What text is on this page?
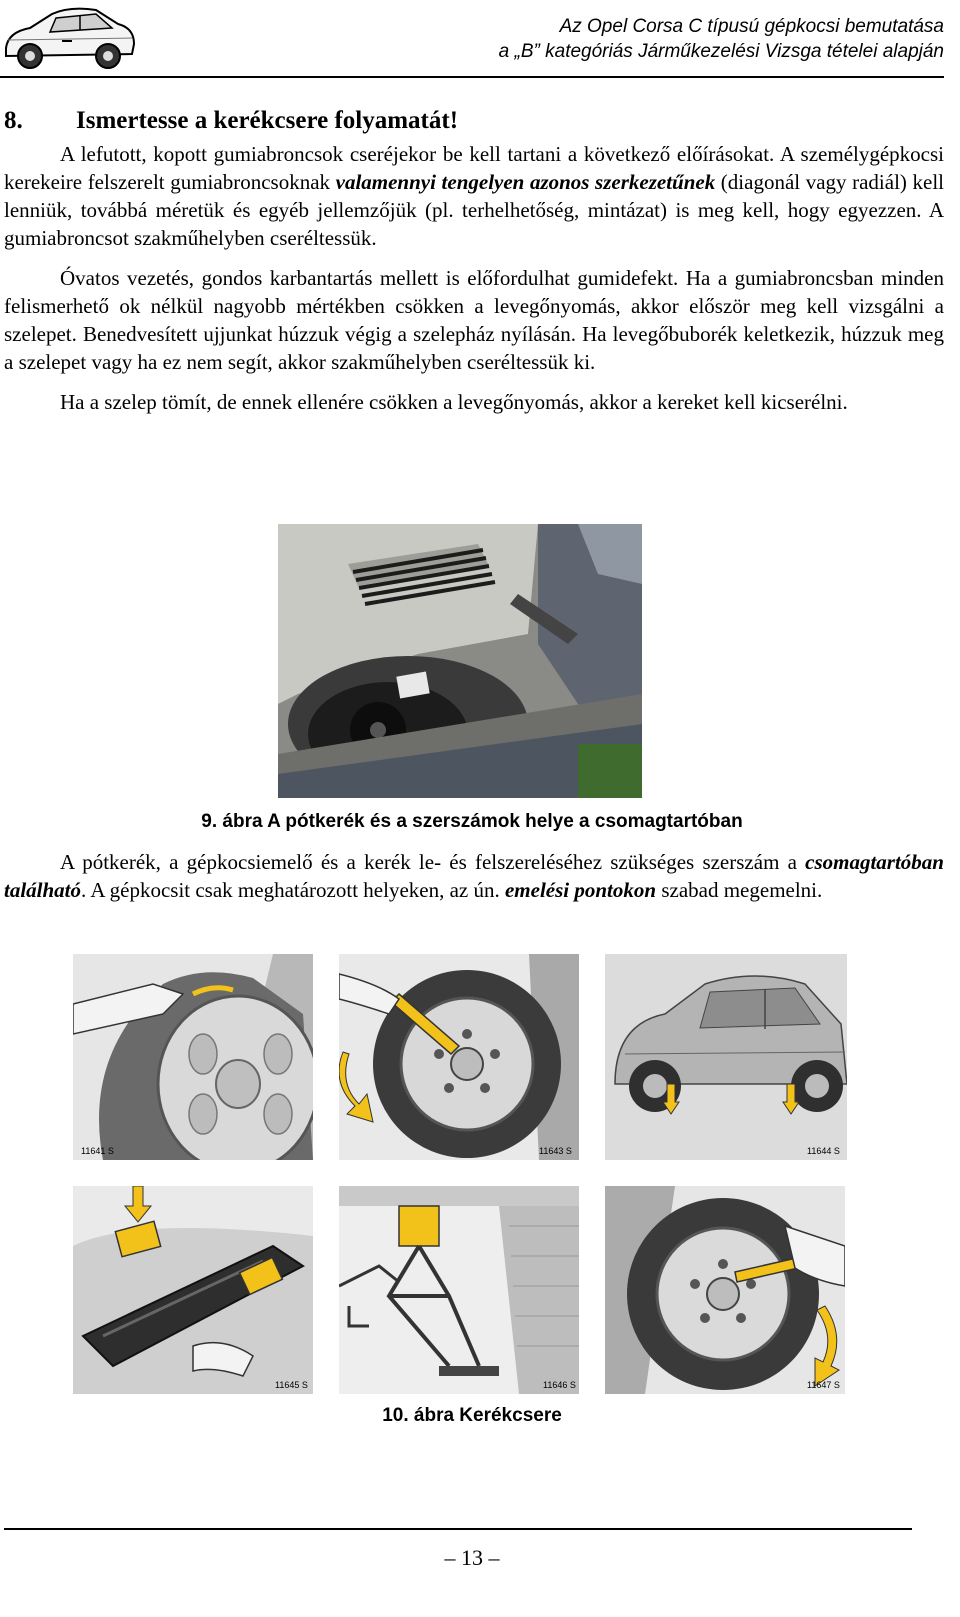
Az Opel Corsa C típusú gépkocsi bemutatása
a „B” kategóriás Járműkezelési Vizsga tételei alapján
8. Ismertesse a kerékcsere folyamatát!

A lefutott, kopott gumiabroncsok cseréjekor be kell tartani a következő előírásokat. A személygépkocsi kerekeire felszerelt gumiabroncsoknak valamennyi tengelyen azonos szerkezetűnek (diagonál vagy radiál) kell lenniük, továbbá méretük és egyéb jellemzőjük (pl. terhelhetőség, mintázat) is meg kell, hogy egyezzen. A gumiabroncsot szakműhelyben cseréltessük.

Óvatos vezetés, gondos karbantartás mellett is előfordulhat gumidefekt. Ha a gumiabroncsban minden felismerhető ok nélkül nagyobb mértékben csökken a levegőnyomás, akkor először meg kell vizsgálni a szelepet. Benedvesített ujjunkat húzzuk végig a szelepház nyílásán. Ha levegőbuborék keletkezik, húzzuk meg a szelepet vagy ha ez nem segít, akkor szakműhelyben cseréltessük ki.

Ha a szelep tömít, de ennek ellenére csökken a levegőnyomás, akkor a kereket kell kicserélni.

9. ábra A pótkerék és a szerszámok helye a csomagtartóban

A pótkerék, a gépkocsiemelő és a kerék le- és felszereléséhez szükséges szerszám a csomagtartóban található. A gépkocsit csak meghatározott helyeken, az ún. emelési pontokon szabad megemelni.

11641 S	11643 S	11644 S
11645 S	11646 S	11647 S
10. ábra Kerékcsere
– 13 –
